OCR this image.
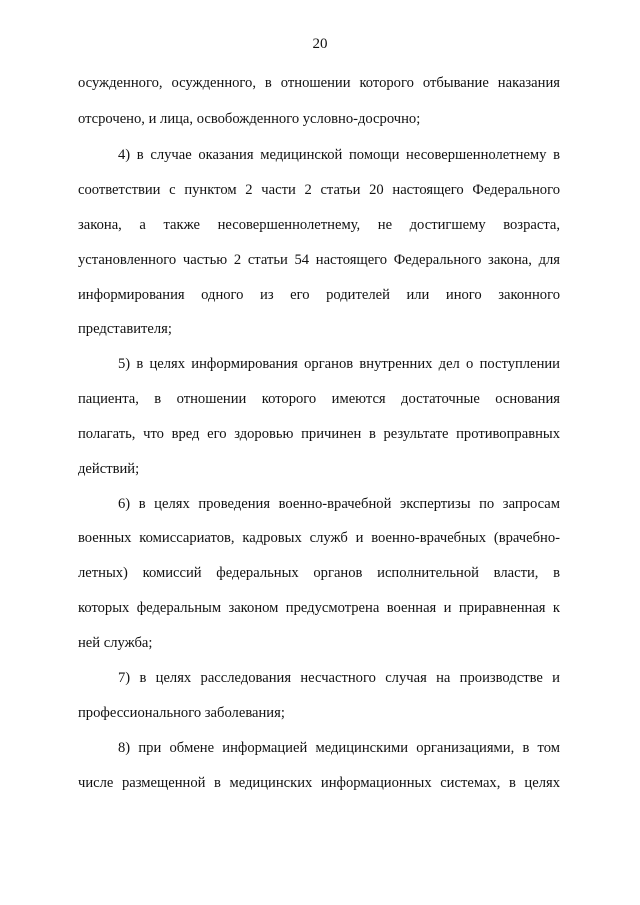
20
осужденного, осужденного, в отношении которого отбывание наказания
отсрочено, и лица, освобожденного условно-досрочно;
4) в случае оказания медицинской помощи несовершеннолетнему в
соответствии с пунктом 2 части 2 статьи 20 настоящего Федерального
закона, а также несовершеннолетнему, не достигшему возраста,
установленного частью 2 статьи 54 настоящего Федерального закона, для
информирования одного из его родителей или иного законного
представителя;
5) в целях информирования органов внутренних дел о поступлении
пациента, в отношении которого имеются достаточные основания
полагать, что вред его здоровью причинен в результате противоправных
действий;
6) в целях проведения военно-врачебной экспертизы по запросам
военных комиссариатов, кадровых служб и военно-врачебных (врачебно-
летных) комиссий федеральных органов исполнительной власти, в
которых федеральным законом предусмотрена военная и приравненная к
ней служба;
7) в целях расследования несчастного случая на производстве и
профессионального заболевания;
8) при обмене информацией медицинскими организациями, в том
числе размещенной в медицинских информационных системах, в целях
